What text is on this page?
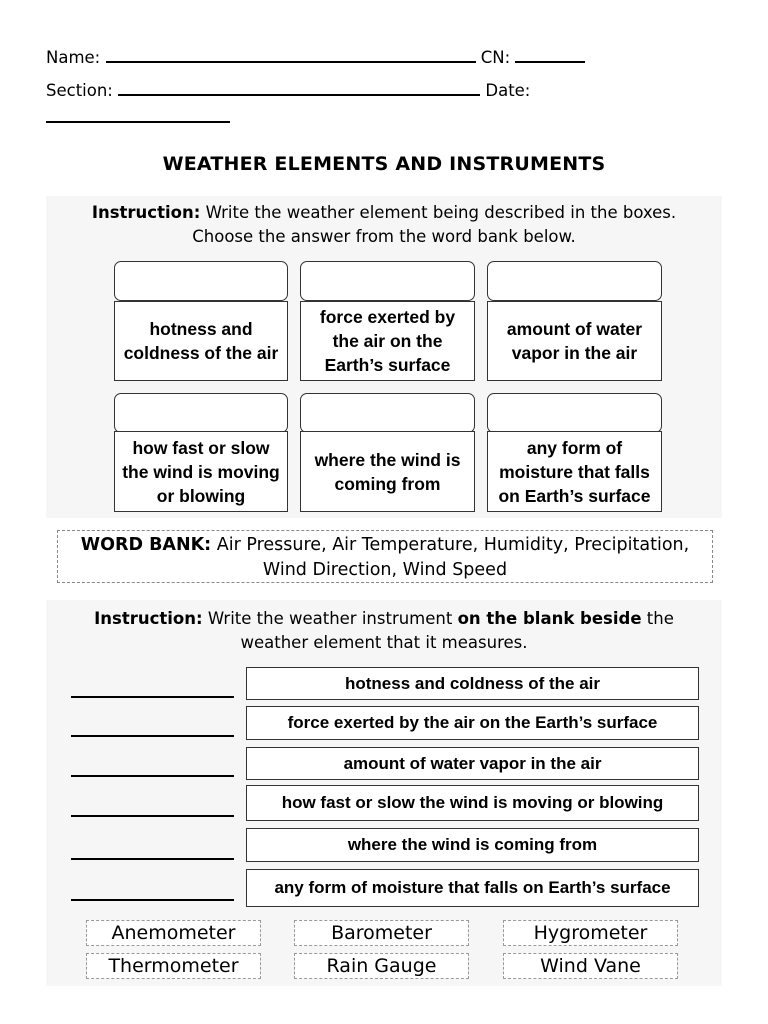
Name:	CN:
Section:	Date:
WEATHER ELEMENTS AND INSTRUMENTS
Instruction: Write the weather element being described in the boxes.
Choose the answer from the word bank below.
hotness and coldness of the air
force exerted by the air on the Earth’s surface
amount of water vapor in the air
how fast or slow the wind is moving or blowing
where the wind is coming from
any form of moisture that falls on Earth’s surface
WORD BANK: Air Pressure, Air Temperature, Humidity, Precipitation,
Wind Direction, Wind Speed
Instruction: Write the weather instrument on the blank beside the
weather element that it measures.
hotness and coldness of the air
force exerted by the air on the Earth’s surface
amount of water vapor in the air
how fast or slow the wind is moving or blowing
where the wind is coming from
any form of moisture that falls on Earth’s surface
Anemometer	Barometer	Hygrometer
Thermometer	Rain Gauge	Wind Vane
